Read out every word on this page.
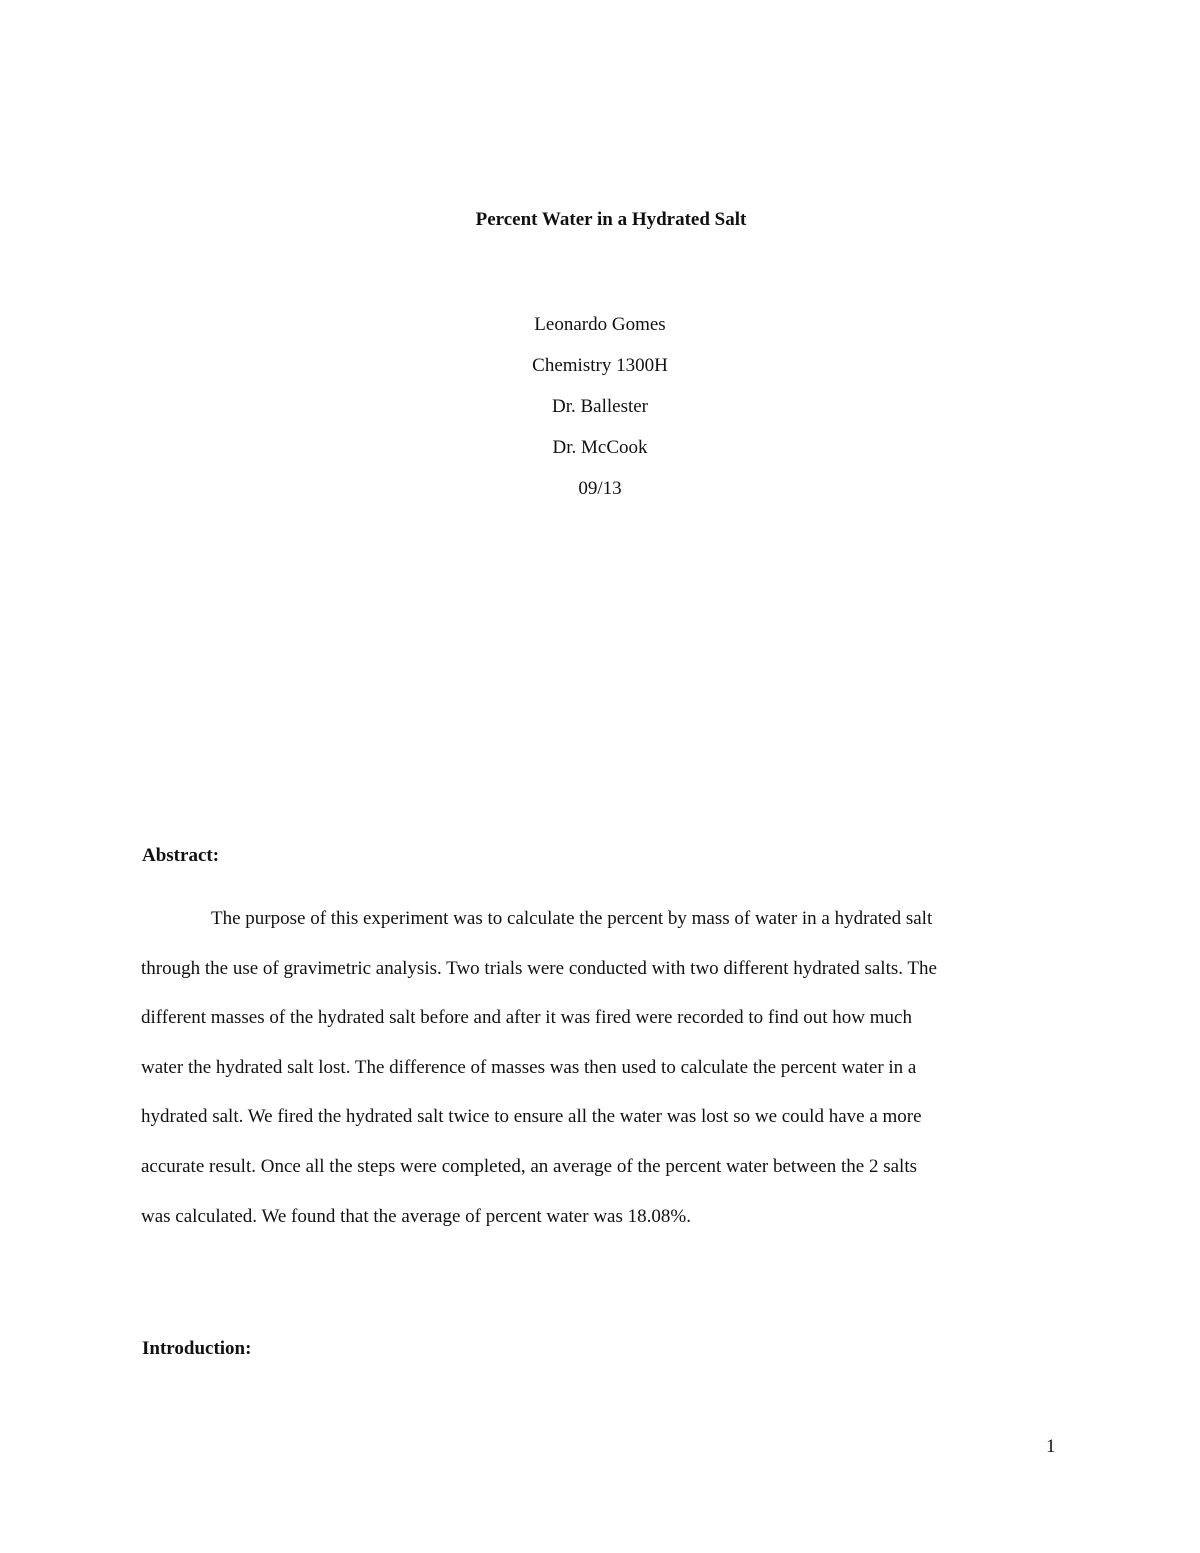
Percent Water in a Hydrated Salt
Leonardo Gomes
Chemistry 1300H
Dr. Ballester
Dr. McCook
09/13
Abstract:
The purpose of this experiment was to calculate the percent by mass of water in a hydrated salt
through the use of gravimetric analysis. Two trials were conducted with two different hydrated salts. The
different masses of the hydrated salt before and after it was fired were recorded to find out how much
water the hydrated salt lost. The difference of masses was then used to calculate the percent water in a
hydrated salt. We fired the hydrated salt twice to ensure all the water was lost so we could have a more
accurate result. Once all the steps were completed, an average of the percent water between the 2 salts
was calculated. We found that the average of percent water was 18.08%.
Introduction:
1
